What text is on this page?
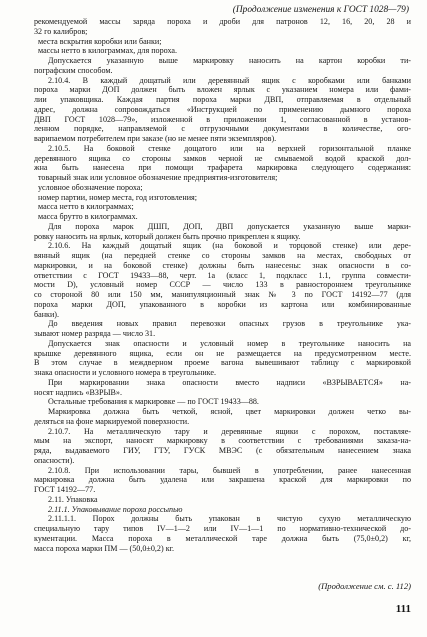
(Продолжение изменения к ГОСТ 1028—79)
рекомендуемой массы заряда пороха и дроби для патронов 12, 16, 20, 28 и
32 го калибров;
места вскрытия коробки или банки;
массы нетто в килограммах, для пороха.
Допускается указанную выше маркировку наносить на картон коробки ти-
пографским способом.
2.10.4. В каждый дощатый или деревянный ящик с коробками или банками
пороха марки ДОП должен быть вложен ярлык с указанием номера или фами-
лии упаковщика. Каждая партия пороха марки ДВП, отправляемая в отдельный
адрес, должна сопровождаться «Инструкцией по применению дымного пороха
ДВП ГОСТ 1028—79», изложенной в приложении 1, согласованной в установ-
ленном порядке, направляемой с отгрузочными документами в количестве, ого-
варипаемом потребителем при заказе (но не менее пяти экземпляров).
2.10.5. На боковой стенке дощатого или на верхней горизонтальной планке
деревянного ящика со стороны замков черной не смываемой водой краской дол-
жна быть нанесена при помощи трафарета маркировка следующего содержания:
товарный знак или условное обозначение предприятия-изготовителя;
условное обозначение пороха;
номер партии, номер места, год изготовления;
масса нетто в килограммах;
масса брутто в килограммах.
Для пороха марок ДШП, ДОП, ДВП допускается указанную выше марки-
ровку наносить на ярлык, который должен быть прочно прикреплен к ящику.
2.10.6. На каждый дощатый ящик (на боковой и торцовой стенке) или дере-
вянный ящик (на передней стенке со стороны замков на местах, свободных от
маркировки, и на боковой стенке) должны быть нанесены: знак опасности в со-
ответствии с ГОСТ 19433—88, черт. 1а (класс 1, подкласс 1.1, группа совмести-
мости D), условный номер СССР — число 133 в равностороннем треугольнике
со стороной 80 или 150 мм, манипуляционный знак № 3 по ГОСТ 14192—77 (для
пороха марки ДОП, упакованного в коробки из картона или комбинированные
банки).
До введения новых правил перевозки опасных грузов в треугольнике ука-
зывают номер разряда — число 31.
Допускается знак опасности и условный номер в треугольнике наносить на
крышке деревянного ящика, если он не размещается на предусмотренном месте.
В этом случае в междверном проеме вагона вывешивают таблицу с маркировкой
знака опасности и условного номера в треугольнике.
При маркировании знака опасности вместо надписи «ВЗРЫВАЕТСЯ» на-
носят надпись «ВЗРЫВ».
Остальные требования к маркировке — по ГОСТ 19433—88.
Маркировка должна быть четкой, ясной, цвет маркировки должен четко вы-
деляться на фоне маркируемой поверхности.
2.10.7. На металлическую тару и деревянные ящики с порохом, поставляе-
мым на экспорт, наносят маркировку в соответствии с требованиями заказа-на-
ряда, выдаваемого ГИУ, ГТУ, ГУСК МВЭС (с обязательным нанесением знака
опасности).
2.10.8. При использовании тары, бывшей в употреблении, ранее нанесенная
маркировка должна быть удалена или закрашена краской для маркировки по
ГОСТ 14192—77.
2.11. Упаковка
2.11.1. Упаковывание пороха россыпью
2.11.1.1. Порох должны быть упакован в чистую сухую металлическую
специальную тару типов IV—1—2 или IV—1—1 по нормативно-технической до-
кументации. Масса пороха в металлической таре должна быть (75,0±0,2) кг,
масса пороха марки ПМ — (50,0±0,2) кг.
(Продолжение см. с. 112)
111
